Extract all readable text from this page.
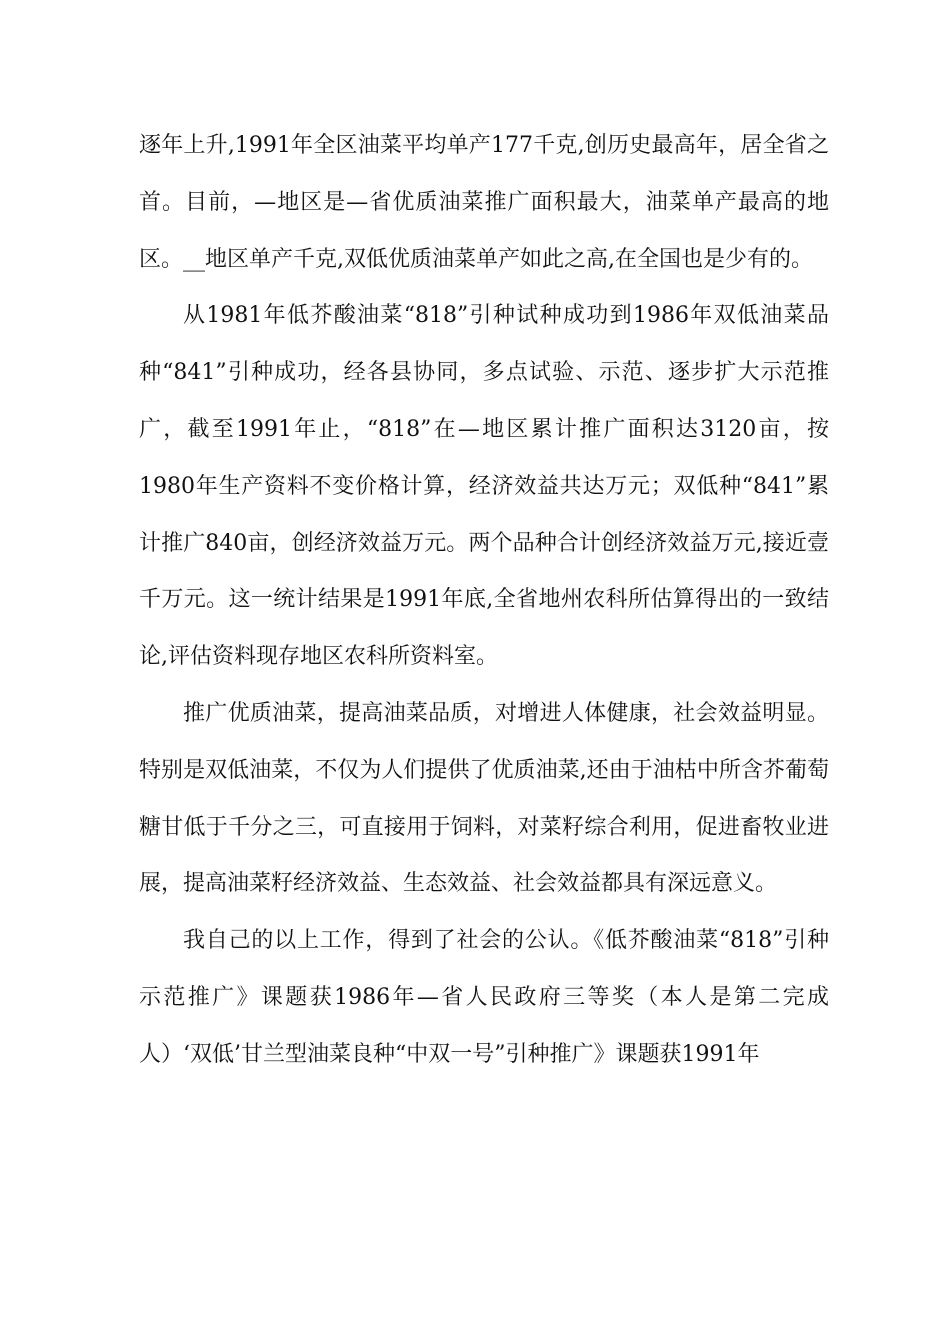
逐年上升,1991年全区油菜平均单产177千克,创历史最高年，居全省之首。目前，—地区是—省优质油菜推广面积最大，油菜单产最高的地区。__地区单产千克,双低优质油菜单产如此之高,在全国也是少有的。

从1981年低芥酸油菜“818”引种试种成功到1986年双低油菜品种“841”引种成功，经各县协同，多点试验、示范、逐步扩大示范推广，截至1991年止，“818”在—地区累计推广面积达3120亩，按1980年生产资料不变价格计算，经济效益共达万元；双低种“841”累计推广840亩，创经济效益万元。两个品种合计创经济效益万元,接近壹千万元。这一统计结果是1991年底,全省地州农科所估算得出的一致结论,评估资料现存地区农科所资料室。

推广优质油菜，提高油菜品质，对增进人体健康，社会效益明显。特别是双低油菜，不仅为人们提供了优质油菜,还由于油枯中所含芥葡萄糖甘低于千分之三，可直接用于饲料，对菜籽综合利用，促进畜牧业进展，提高油菜籽经济效益、生态效益、社会效益都具有深远意义。

我自己的以上工作，得到了社会的公认。《低芥酸油菜“818”引种示范推广》课题获1986年—省人民政府三等奖（本人是第二完成人）‘双低’甘兰型油菜良种“中双一号”引种推广》课题获1991年
